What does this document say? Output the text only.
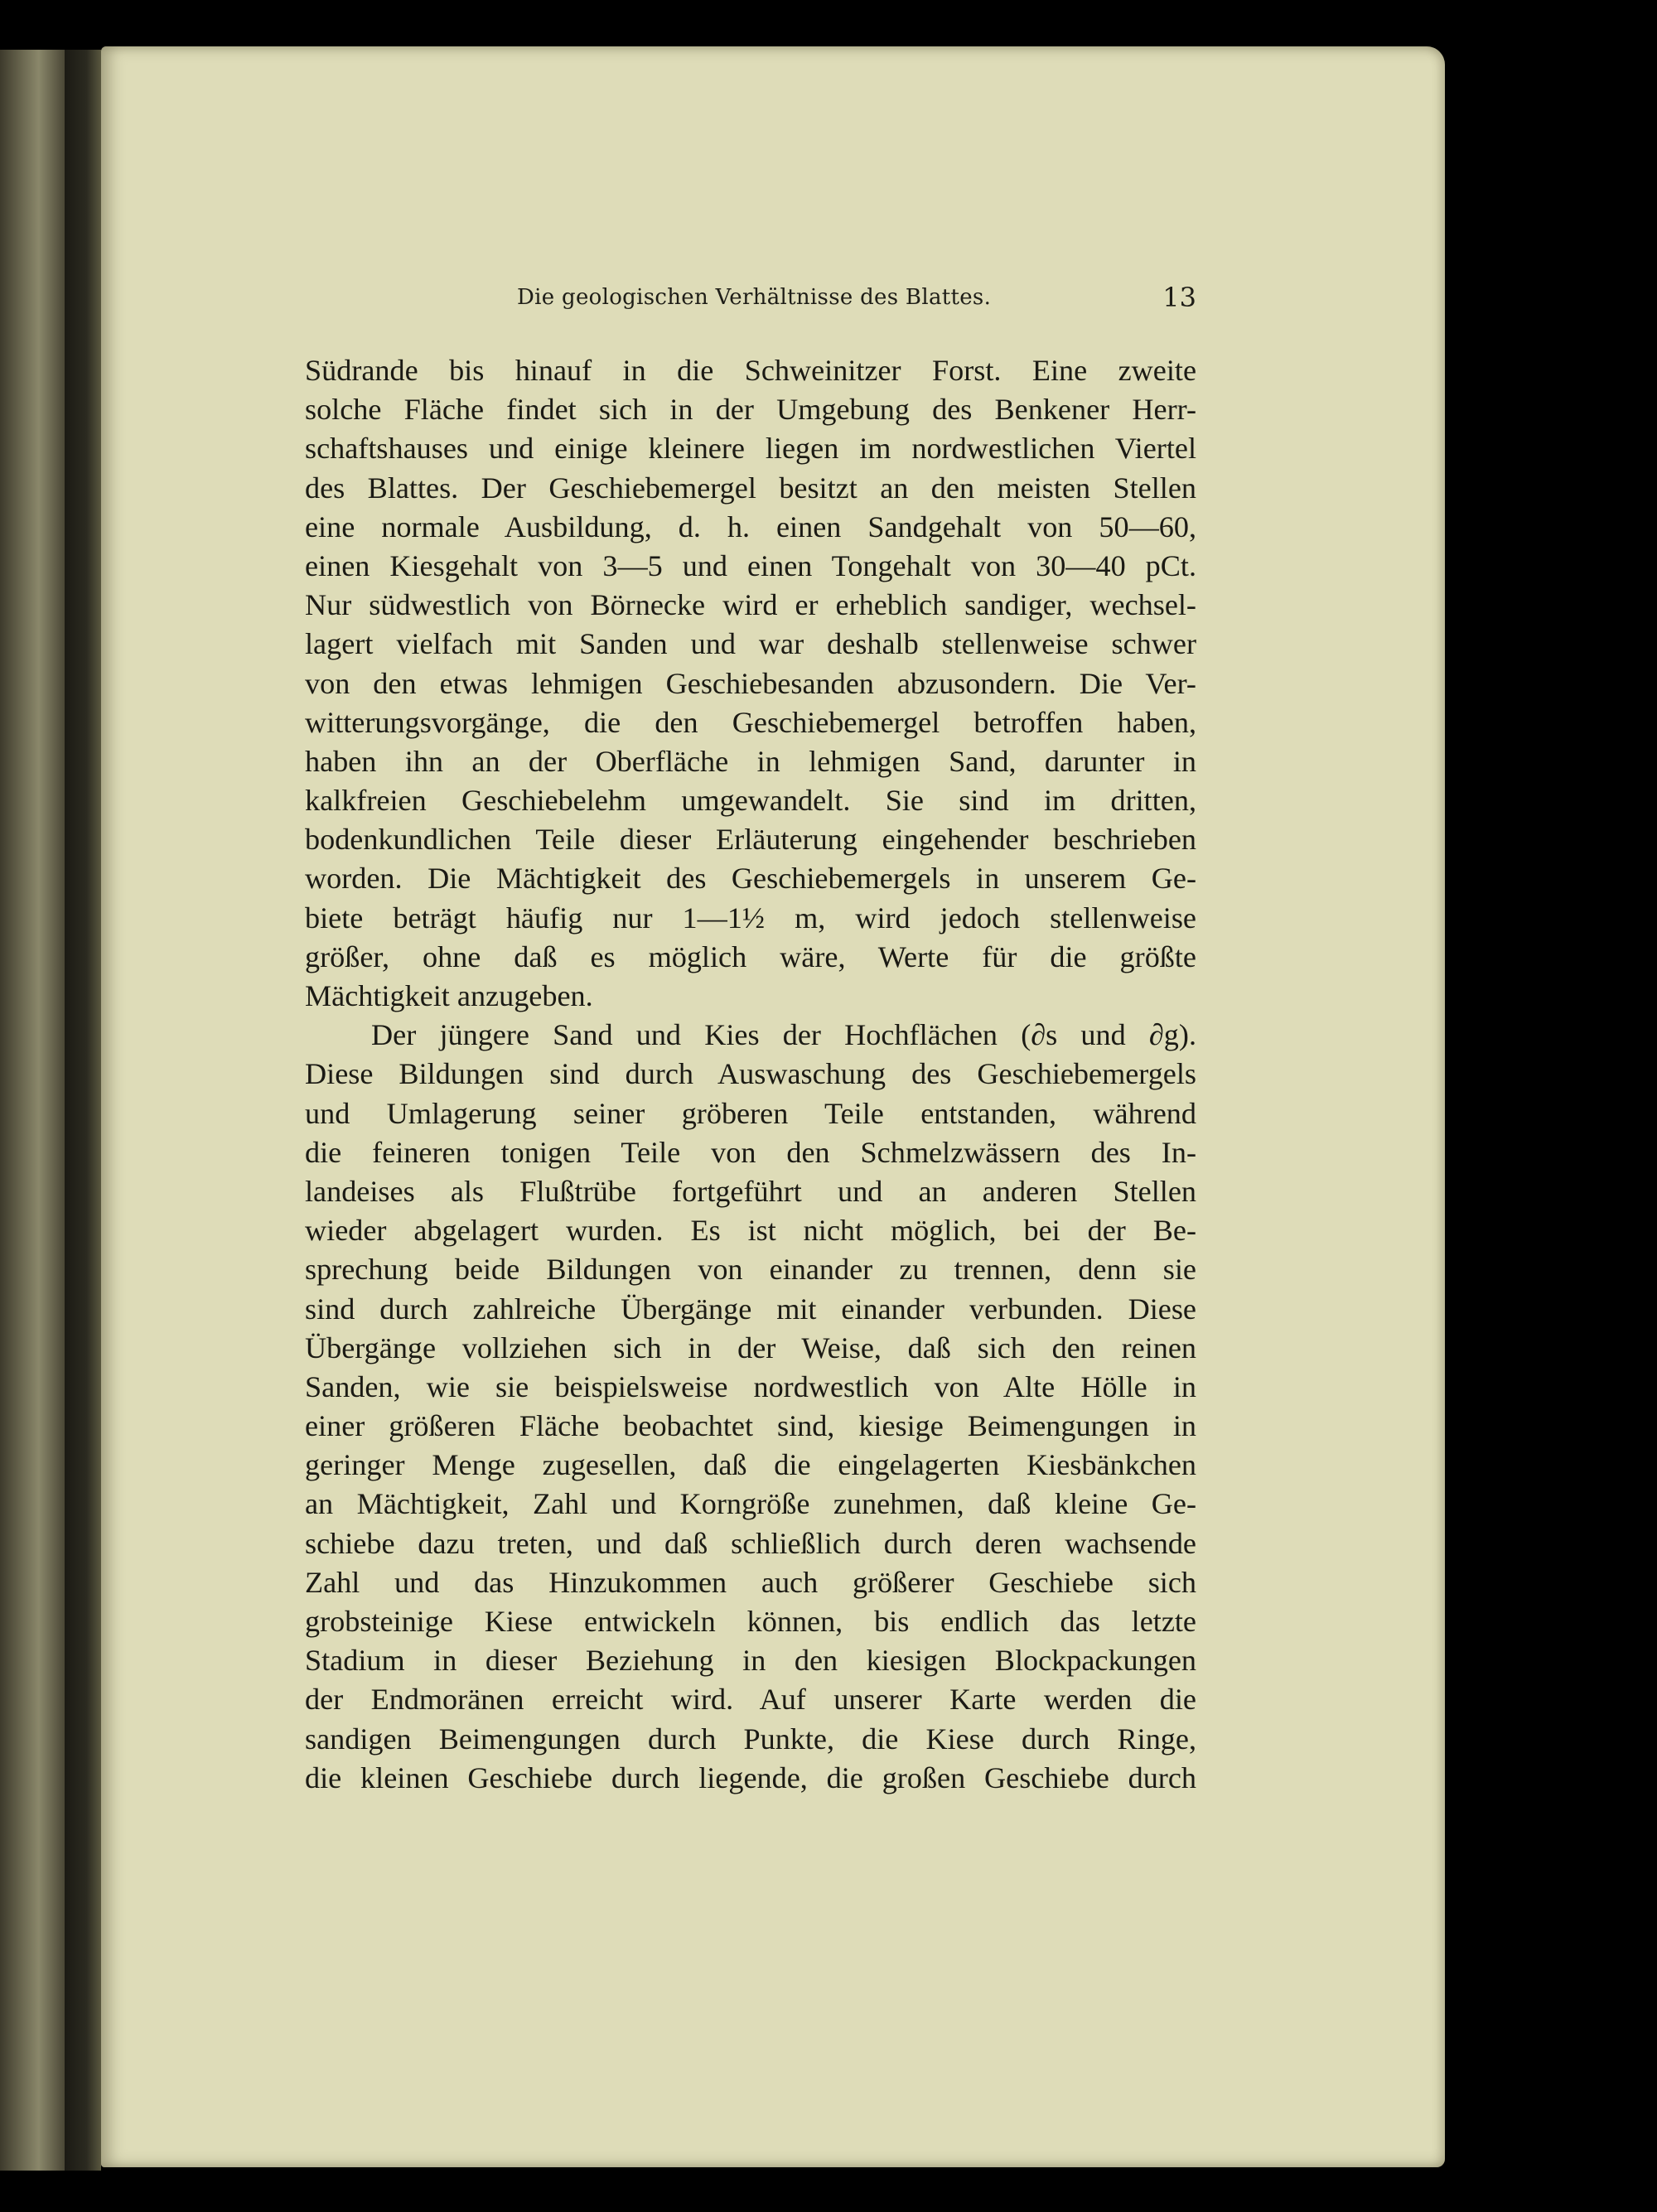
Die geologischen Verhältnisse des Blattes.	13
Südrande bis hinauf in die Schweinitzer Forst. Eine zweite
solche Fläche findet sich in der Umgebung des Benkener Herr-
schaftshauses und einige kleinere liegen im nordwestlichen Viertel
des Blattes. Der Geschiebemergel besitzt an den meisten Stellen
eine normale Ausbildung, d. h. einen Sandgehalt von 50—60,
einen Kiesgehalt von 3—5 und einen Tongehalt von 30—40 pCt.
Nur südwestlich von Börnecke wird er erheblich sandiger, wechsel-
lagert vielfach mit Sanden und war deshalb stellenweise schwer
von den etwas lehmigen Geschiebesanden abzusondern. Die Ver-
witterungsvorgänge, die den Geschiebemergel betroffen haben,
haben ihn an der Oberfläche in lehmigen Sand, darunter in
kalkfreien Geschiebelehm umgewandelt. Sie sind im dritten,
bodenkundlichen Teile dieser Erläuterung eingehender beschrieben
worden. Die Mächtigkeit des Geschiebemergels in unserem Ge-
biete beträgt häufig nur 1—1½ m, wird jedoch stellenweise
größer, ohne daß es möglich wäre, Werte für die größte
Mächtigkeit anzugeben.
Der jüngere Sand und Kies der Hochflächen (∂s und ∂g).
Diese Bildungen sind durch Auswaschung des Geschiebemergels
und Umlagerung seiner gröberen Teile entstanden, während
die feineren tonigen Teile von den Schmelzwässern des In-
landeises als Flußtrübe fortgeführt und an anderen Stellen
wieder abgelagert wurden. Es ist nicht möglich, bei der Be-
sprechung beide Bildungen von einander zu trennen, denn sie
sind durch zahlreiche Übergänge mit einander verbunden. Diese
Übergänge vollziehen sich in der Weise, daß sich den reinen
Sanden, wie sie beispielsweise nordwestlich von Alte Hölle in
einer größeren Fläche beobachtet sind, kiesige Beimengungen in
geringer Menge zugesellen, daß die eingelagerten Kiesbänkchen
an Mächtigkeit, Zahl und Korngröße zunehmen, daß kleine Ge-
schiebe dazu treten, und daß schließlich durch deren wachsende
Zahl und das Hinzukommen auch größerer Geschiebe sich
grobsteinige Kiese entwickeln können, bis endlich das letzte
Stadium in dieser Beziehung in den kiesigen Blockpackungen
der Endmoränen erreicht wird. Auf unserer Karte werden die
sandigen Beimengungen durch Punkte, die Kiese durch Ringe,
die kleinen Geschiebe durch liegende, die großen Geschiebe durch
